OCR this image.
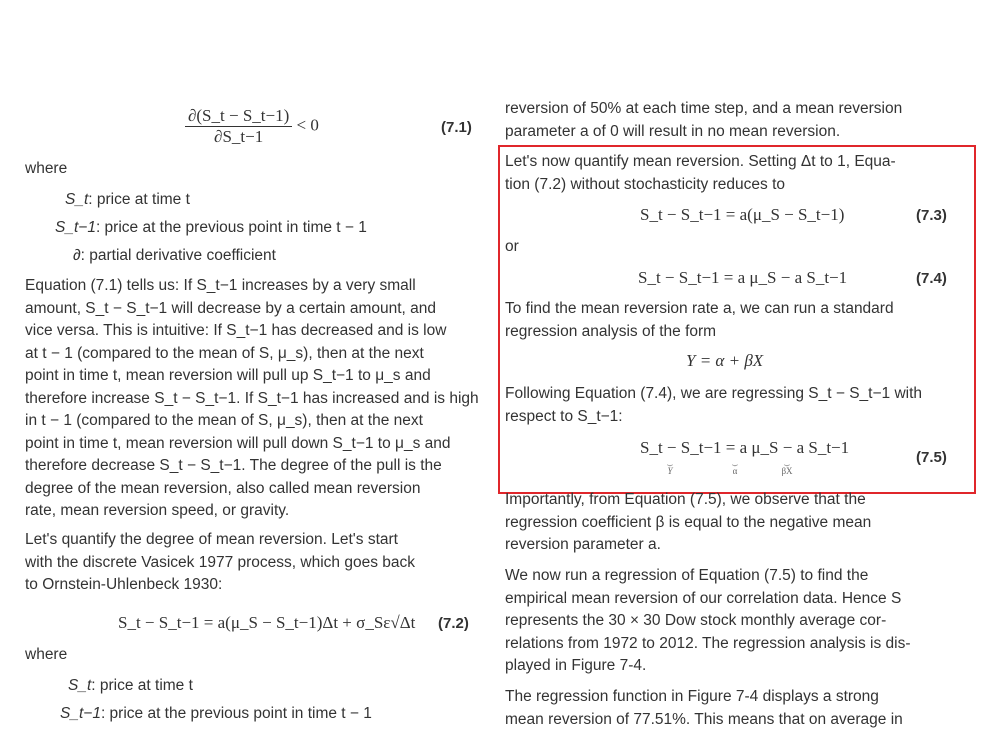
$\frac{\partial(S\_t - S\_t-1)}{\partial S\_t-1} < 0$	(7.1)
where
S_t: price at time t
S_t−1: price at the previous point in time t − 1
∂: partial derivative coefficient
Equation (7.1) tells us: If S_t−1 increases by a very small
amount, S_t − S_t−1 will decrease by a certain amount, and
vice versa. This is intuitive: If S_t−1 has decreased and is low
at t − 1 (compared to the mean of S, μ_s), then at the next
point in time t, mean reversion will pull up S_t−1 to μ_s and
therefore increase S_t − S_t−1. If S_t−1 has increased and is high
in t − 1 (compared to the mean of S, μ_s), then at the next
point in time t, mean reversion will pull down S_t−1 to μ_s and
therefore decrease S_t − S_t−1. The degree of the pull is the
degree of the mean reversion, also called mean reversion
rate, mean reversion speed, or gravity.
Let's quantify the degree of mean reversion. Let's start
with the discrete Vasicek 1977 process, which goes back
to Ornstein-Uhlenbeck 1930:
S_t − S_t−1 = a(μ_S − S_t−1)Δt + σ_Sε√Δt (7.2)
where
S_t: price at time t
S_t−1: price at the previous point in time t − 1
reversion of 50% at each time step, and a mean reversion
parameter a of 0 will result in no mean reversion.
Let's now quantify mean reversion. Setting Δt to 1, Equa-
tion (7.2) without stochasticity reduces to
S_t − S_t−1 = a(μ_S − S_t−1)	(7.3)
or
S_t − S_t−1 = a μ_S − a S_t−1	(7.4)
To find the mean reversion rate a, we can run a standard
regression analysis of the form
Y = α + βX
Following Equation (7.4), we are regressing S_t − S_t−1 with
respect to S_t−1:
S_t − S_t−1 = a μ_S − a S_t−1
⏟
Y
⏟
α
⏟
βX
(7.5)
Importantly, from Equation (7.5), we observe that the
regression coefficient β is equal to the negative mean
reversion parameter a.
We now run a regression of Equation (7.5) to find the
empirical mean reversion of our correlation data. Hence S
represents the 30 × 30 Dow stock monthly average cor-
relations from 1972 to 2012. The regression analysis is dis-
played in Figure 7-4.
The regression function in Figure 7-4 displays a strong
mean reversion of 77.51%. This means that on average in
